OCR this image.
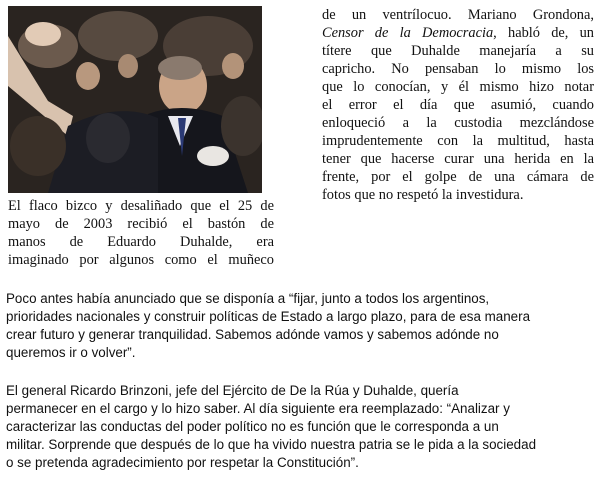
El flaco bizco y desaliñado que el 25 de
mayo de 2003 recibió el bastón de
manos de Eduardo Duhalde, era
imaginado por algunos como el muñeco

de un ventrílocuo. Mariano Grondona,
Censor de la Democracia, habló de, un
títere que Duhalde manejaría a su
capricho. No pensaban lo mismo los
que lo conocían, y él mismo hizo notar
el error el día que asumió, cuando
enloqueció a la custodia mezclándose
imprudentemente con la multitud, hasta
tener que hacerse curar una herida en la
frente, por el golpe de una cámara de
fotos que no respetó la investidura.

Poco antes había anunciado que se disponía a “fijar, junto a todos los argentinos,
prioridades nacionales y construir políticas de Estado a largo plazo, para de esa manera
crear futuro y generar tranquilidad. Sabemos adónde vamos y sabemos adónde no
queremos ir o volver”.

El general Ricardo Brinzoni, jefe del Ejército de De la Rúa y Duhalde, quería
permanecer en el cargo y lo hizo saber. Al día siguiente era reemplazado: “Analizar y
caracterizar las conductas del poder político no es función que le corresponda a un
militar. Sorprende que después de lo que ha vivido nuestra patria se le pida a la sociedad
o se pretenda agradecimiento por respetar la Constitución”.
